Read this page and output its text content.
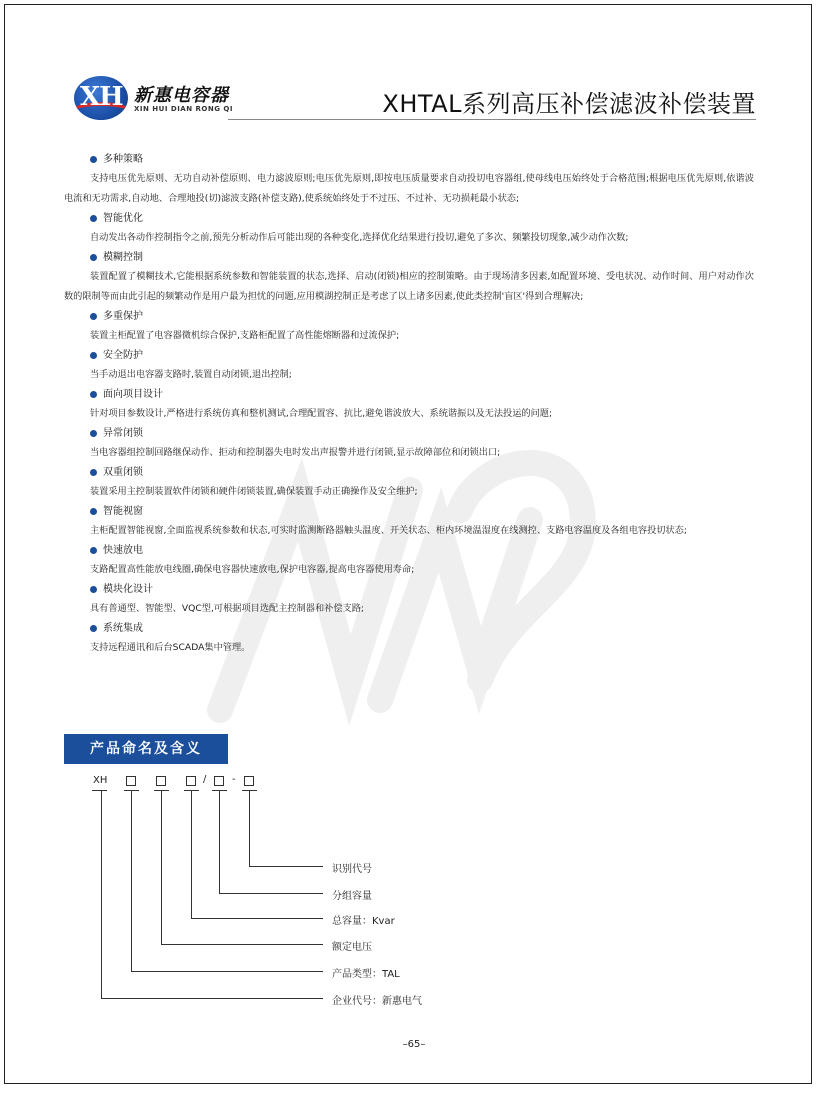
XH 新惠电容器
XIN HUI DIAN RONG QI	XHTAL系列高压补偿滤波补偿装置
多种策略
支持电压优先原则、无功自动补偿原则、电力滤波原则;电压优先原则,即按电压质量要求自动投切电容器组,使母线电压始终处于合格范围;根据电压优先原则,依谐波电流和无功需求,自动地、合理地投(切)滤波支路(补偿支路),使系统始终处于不过压、不过补、无功损耗最小状态;
智能优化
自动发出各动作控制指令之前,预先分析动作后可能出现的各种变化,选择优化结果进行投切,避免了多次、频繁投切现象,减少动作次数;
模糊控制
装置配置了模糊技术,它能根据系统参数和智能装置的状态,选择、启动(闭锁)相应的控制策略。由于现场清多因素,如配置环境、受电状况、动作时间、用户对动作次数的限制等而由此引起的频繁动作是用户最为担忧的问题,应用模湖控制正是考虑了以上诸多因素,使此类控制'盲区'得到合理解决;
多重保护
装置主柜配置了电容器微机综合保护,支路柜配置了高性能熔断器和过流保护;
安全防护
当手动退出电容器支路时,装置自动闭锁,退出控制;
面向项目设计
针对项目参数设计,严格进行系统仿真和整机测试,合理配置容、抗比,避免谐波放大、系统谐振以及无法投运的问题;
异常闭锁
当电容器组控制回路继保动作、拒动和控制器失电时发出声报警并进行闭锁,显示故障部位和闭锁出口;
双重闭锁
装置采用主控制装置软件闭锁和硬件闭锁装置,确保装置手动正确操作及安全维护;
智能视窗
主柜配置智能视窗,全面监视系统参数和状态,可实时监测断路器触头温度、开关状态、柜内环境温湿度在线测控、支路电容温度及各组电容投切状态;
快速放电
支路配置高性能放电线圈,确保电容器快速放电,保护电容器,提高电容器使用寿命;
模块化设计
具有普通型、智能型、VQC型,可根据项目选配主控制器和补偿支路;
系统集成
支持远程通讯和后台SCADA集中管理。
产品命名及含义
XH	/	-
识别代号
分组容量
总容量：Kvar
额定电压
产品类型：TAL
企业代号：新惠电气
–65–
